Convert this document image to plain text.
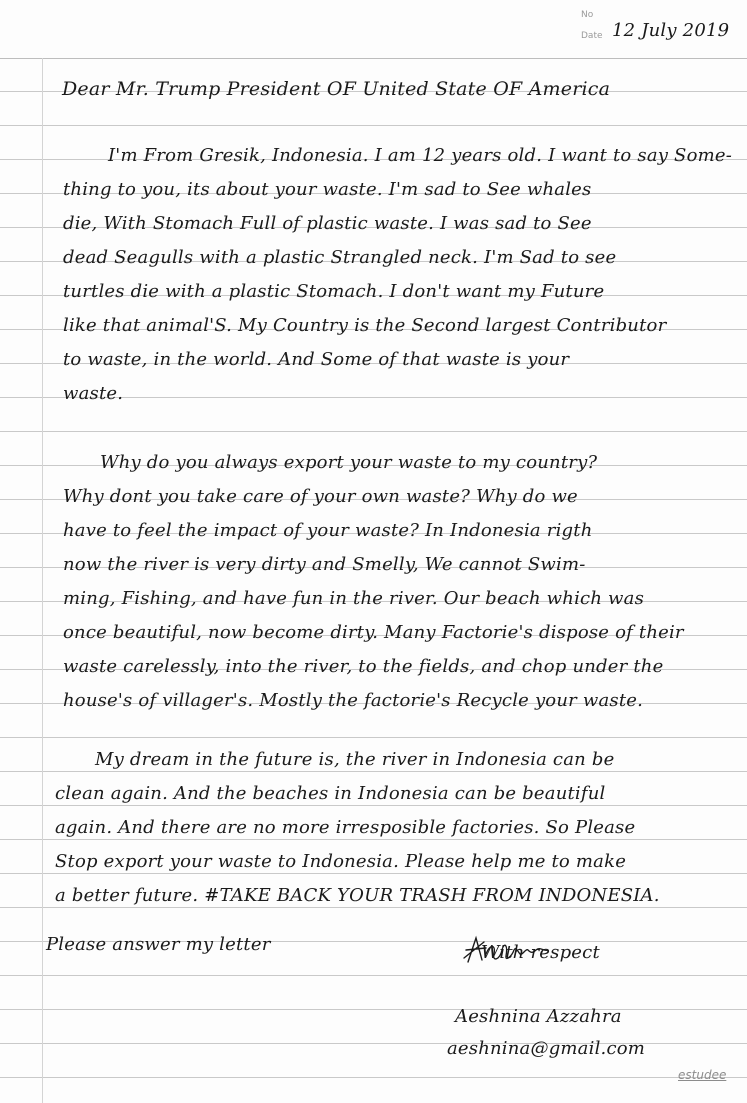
No
Date 12 July 2019
Dear Mr. Trump President OF United State OF America
I'm From Gresik, Indonesia. I am 12 years old. I want to say Some-
thing to you, its about your waste. I'm sad to See whales
die, With Stomach Full of plastic waste. I was sad to See
dead Seagulls with a plastic Strangled neck. I'm Sad to see
turtles die with a plastic Stomach. I don't want my Future
like that animal'S. My Country is the Second largest Contributor
to waste, in the world. And Some of that waste is your
waste.
Why do you always export your waste to my country?
Why dont you take care of your own waste? Why do we
have to feel the impact of your waste? In Indonesia rigth
now the river is very dirty and Smelly, We cannot Swim-
ming, Fishing, and have fun in the river. Our beach which was
once beautiful, now become dirty. Many Factorie's dispose of their
waste carelessly, into the river, to the fields, and chop under the
house's of villager's. Mostly the factorie's Recycle your waste.
My dream in the future is, the river in Indonesia can be
clean again. And the beaches in Indonesia can be beautiful
again. And there are no more irresposible factories. So Please
Stop export your waste to Indonesia. Please help me to make
a better future. #TAKE BACK YOUR TRASH FROM INDONESIA.
Please answer my letter	With respect
Aeshnina Azzahra
aeshnina@gmail.com
estudee
